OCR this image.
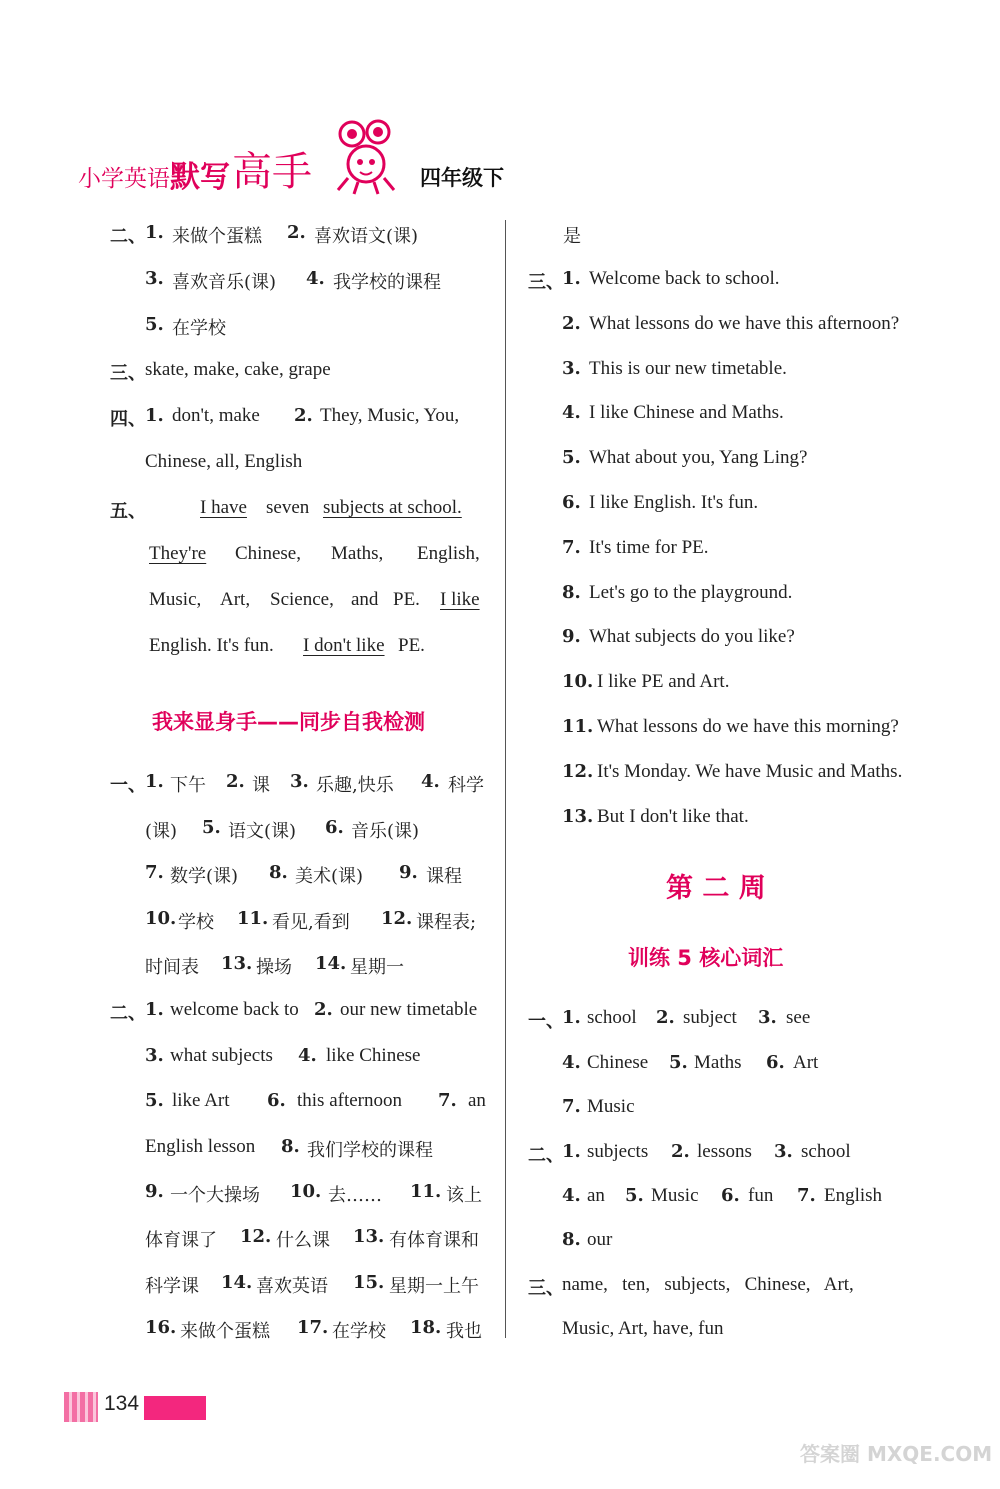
小学英语 默写 高手	四年级下
二、 1. 来做个蛋糕 2. 喜欢语文(课)
3. 喜欢音乐(课) 4. 我学校的课程
5. 在学校
三、 skate, make, cake, grape
四、 1. don't, make 2. They, Music, You,
Chinese, all, English
五、	I have seven subjects at school.
They're Chinese, Maths, English,
Music, Art, Science, and PE. I like
English. It's fun. I don't like PE.
我来显身手——同步自我检测
一、 1. 下午 2. 课 3. 乐趣,快乐 4. 科学
(课) 5. 语文(课) 6. 音乐(课)
7. 数学(课) 8. 美术(课) 9. 课程
10. 学校 11. 看见,看到 12. 课程表;
时间表 13. 操场 14. 星期一
二、 1. welcome back to 2. our new timetable
3. what subjects 4. like Chinese
5. like Art 6. this afternoon 7. an
English lesson 8. 我们学校的课程
9. 一个大操场 10. 去…… 11. 该上
体育课了 12. 什么课 13. 有体育课和
科学课 14. 喜欢英语 15. 星期一上午
16. 来做个蛋糕 17. 在学校 18. 我也
是
三、
1. Welcome back to school.
2. What lessons do we have this afternoon?
3. This is our new timetable.
4. I like Chinese and Maths.
5. What about you, Yang Ling?
6. I like English. It's fun.
7. It's time for PE.
8. Let's go to the playground.
9. What subjects do you like?
10. I like PE and Art.
11. What lessons do we have this morning?
12. It's Monday. We have Music and Maths.
13. But I don't like that.
第 二 周
训练 5 核心词汇
一、
1. school 2. subject 3. see
4. Chinese 5. Maths 6. Art
7. Music
二、
1. subjects 2. lessons 3. school
4. an 5. Music 6. fun 7. English
8. our
三、
name,   ten,   subjects,   Chinese,   Art,
Music, Art, have, fun
134
答案圈 MXQE.COM
